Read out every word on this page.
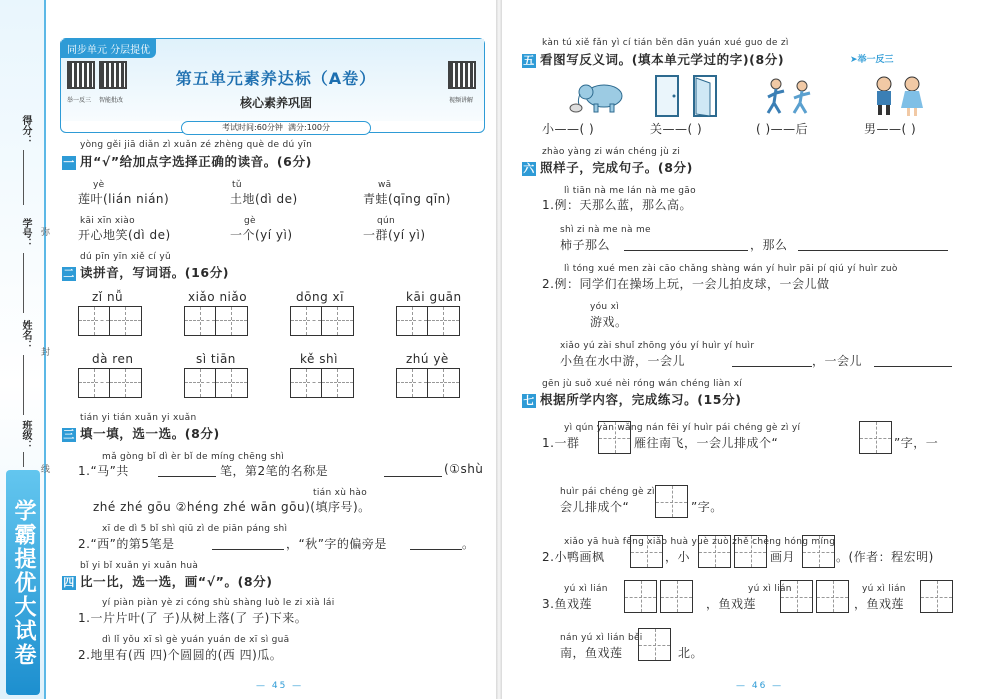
学霸提优大试卷
得分：
学号：
姓名：
班级：
弥
封
线
同步单元 分层提优
举一反三 智能批改	视频讲解
第五单元素养达标（A卷）
核心素养巩固
考试时间:60分钟 满分:100分
yòng gěi jiā diǎn zì xuǎn zé zhèng què de dú yīn
一 用“√”给加点字选择正确的读音。(6分)
yè
莲叶(lián nián)
tǔ
土地(dì de)
wā
青蛙(qīng qīn)
kāi xīn xiào
开心地笑(dì de)
gè
一个(yí yì)
qún
一群(yí yì)
dú pīn yīn xiě cí yǔ
二 读拼音，写词语。(16分)
zǐ nǚ	xiǎo niǎo	dōng xī	kāi guān
dà ren	sì tiān	kě shì	zhú yè
tián yi tián xuǎn yi xuǎn
三 填一填，选一选。(8分)
mǎ gòng bǐ dì èr bǐ de míng chēng shì
1.“马”共	笔，第2笔的名称是	(①shù
tián xù hào
zhé zhé gōu ②héng zhé wān gōu)(填序号)。
xī de dì 5 bǐ shì qiū zì de piān páng shì
2.“西”的第5笔是	，“秋”字的偏旁是	。
bǐ yi bǐ xuǎn yi xuǎn huà
四 比一比，选一选，画“√”。(8分)
yí piàn piàn yè zi cóng shù shàng luò le zi xià lái
1.一片片叶(了 子)从树上落(了 子)下来。
dì lǐ yǒu xī sì gè yuán yuán de xī sì guā
2.地里有(西 四)个圆圆的(西 四)瓜。
— 45 —
kàn tú xiě fǎn yì cí tián běn dān yuán xué guo de zì
五 看图写反义词。(填本单元学过的字)(8分)	➤举一反三
小——( )	关——( )	( )——后	男——( )
zhào yàng zi wán chéng jù zi
六 照样子，完成句子。(8分)
lì tiān nà me lán nà me gāo
1.例：天那么蓝，那么高。
shì zi nà me nà me
柿子那么	，那么
lì tóng xué men zài cāo chǎng shàng wán yí huìr pāi pí qiú yí huìr zuò
2.例：同学们在操场上玩，一会儿拍皮球，一会儿做
yóu xì
游戏。
xiǎo yú zài shuǐ zhōng yóu yí huìr yí huìr
小鱼在水中游，一会儿	，一会儿
gēn jù suǒ xué nèi róng wán chéng liàn xí
七 根据所学内容，完成练习。(15分)
yì qún yàn wǎng nán fēi yí huìr pái chéng gè zì yí
1.一群	雁往南飞，一会儿排成个“	”字，一
huìr pái chéng gè zì
会儿排成个“	”字。
xiǎo yā huà fēng xiǎo huà yuè zuò zhě chéng hóng míng
2.小鸭画枫	，小	画月	。(作者：程宏明)
yú xì lián	yú xì lián	yú xì lián
3.鱼戏莲	，鱼戏莲	，鱼戏莲
nán yú xì lián běi
南，鱼戏莲	北。
— 46 —
